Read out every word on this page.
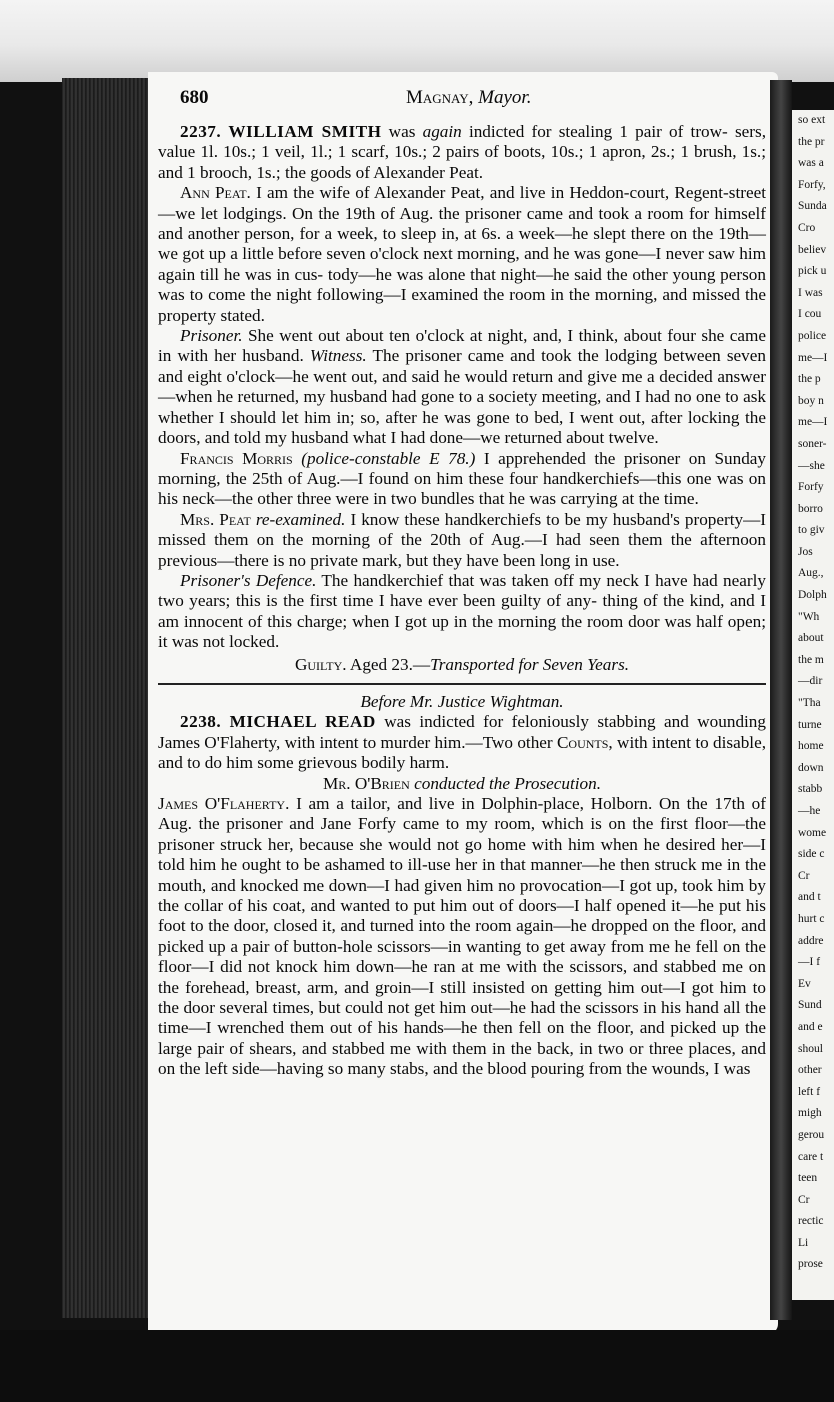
so ext
the pr
was a
Forfy,
Sunda
Cro
believ
pick u
I was
I cou
police
me—I
the p
boy n
me—I
soner-
—she
Forfy
borro
to giv
Jos
Aug.,
Dolph
"Wh
about
the m
—dir
"Tha
turne
home
down
stabb
—he
wome
side c
Cr
and t
hurt c
addre
—I f
Ev
Sund
and e
shoul
other
left f
migh
gerou
care t
teen
Cr
rectic
Li
prose
680	Magnay, Mayor.

2237. WILLIAM SMITH was again indicted for stealing 1 pair of trow- sers, value 1l. 10s.; 1 veil, 1l.; 1 scarf, 10s.; 2 pairs of boots, 10s.; 1 apron, 2s.; 1 brush, 1s.; and 1 brooch, 1s.; the goods of Alexander Peat.

Ann Peat. I am the wife of Alexander Peat, and live in Heddon-court, Regent-street—we let lodgings. On the 19th of Aug. the prisoner came and took a room for himself and another person, for a week, to sleep in, at 6s. a week—he slept there on the 19th—we got up a little before seven o'clock next morning, and he was gone—I never saw him again till he was in cus- tody—he was alone that night—he said the other young person was to come the night following—I examined the room in the morning, and missed the property stated.

Prisoner. She went out about ten o'clock at night, and, I think, about four she came in with her husband. Witness. The prisoner came and took the lodging between seven and eight o'clock—he went out, and said he would return and give me a decided answer—when he returned, my husband had gone to a society meeting, and I had no one to ask whether I should let him in; so, after he was gone to bed, I went out, after locking the doors, and told my husband what I had done—we returned about twelve.

Francis Morris (police-constable E 78.) I apprehended the prisoner on Sunday morning, the 25th of Aug.—I found on him these four handkerchiefs—this one was on his neck—the other three were in two bundles that he was carrying at the time.

Mrs. Peat re-examined. I know these handkerchiefs to be my husband's property—I missed them on the morning of the 20th of Aug.—I had seen them the afternoon previous—there is no private mark, but they have been long in use.

Prisoner's Defence. The handkerchief that was taken off my neck I have had nearly two years; this is the first time I have ever been guilty of any- thing of the kind, and I am innocent of this charge; when I got up in the morning the room door was half open; it was not locked.

Guilty. Aged 23.—Transported for Seven Years.

Before Mr. Justice Wightman.

2238. MICHAEL READ was indicted for feloniously stabbing and wounding James O'Flaherty, with intent to murder him.—Two other Counts, with intent to disable, and to do him some grievous bodily harm.

Mr. O'Brien conducted the Prosecution.

James O'Flaherty. I am a tailor, and live in Dolphin-place, Holborn. On the 17th of Aug. the prisoner and Jane Forfy came to my room, which is on the first floor—the prisoner struck her, because she would not go home with him when he desired her—I told him he ought to be ashamed to ill-use her in that manner—he then struck me in the mouth, and knocked me down—I had given him no provocation—I got up, took him by the collar of his coat, and wanted to put him out of doors—I half opened it—he put his foot to the door, closed it, and turned into the room again—he dropped on the floor, and picked up a pair of button-hole scissors—in wanting to get away from me he fell on the floor—I did not knock him down—he ran at me with the scissors, and stabbed me on the forehead, breast, arm, and groin—I still insisted on getting him out—I got him to the door several times, but could not get him out—he had the scissors in his hand all the time—I wrenched them out of his hands—he then fell on the floor, and picked up the large pair of shears, and stabbed me with them in the back, in two or three places, and on the left side—having so many stabs, and the blood pouring from the wounds, I was
